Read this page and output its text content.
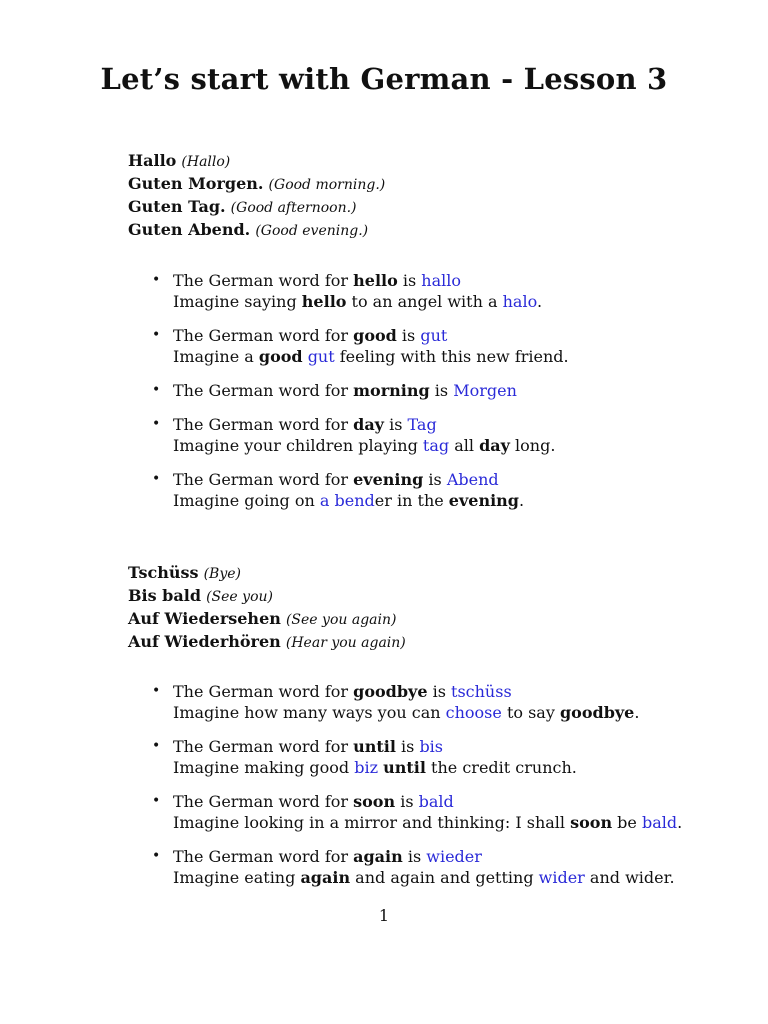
Let’s start with German - Lesson 3
Hallo (Hallo)
Guten Morgen. (Good morning.)
Guten Tag. (Good afternoon.)
Guten Abend. (Good evening.)
• The German word for hello is hallo
Imagine saying hello to an angel with a halo.
• The German word for good is gut
Imagine a good gut feeling with this new friend.
• The German word for morning is Morgen
• The German word for day is Tag
Imagine your children playing tag all day long.
• The German word for evening is Abend
Imagine going on a bender in the evening.
Tschüss (Bye)
Bis bald (See you)
Auf Wiedersehen (See you again)
Auf Wiederhören (Hear you again)
• The German word for goodbye is tschüss
Imagine how many ways you can choose to say goodbye.
• The German word for until is bis
Imagine making good biz until the credit crunch.
• The German word for soon is bald
Imagine looking in a mirror and thinking: I shall soon be bald.
• The German word for again is wieder
Imagine eating again and again and getting wider and wider.
1
